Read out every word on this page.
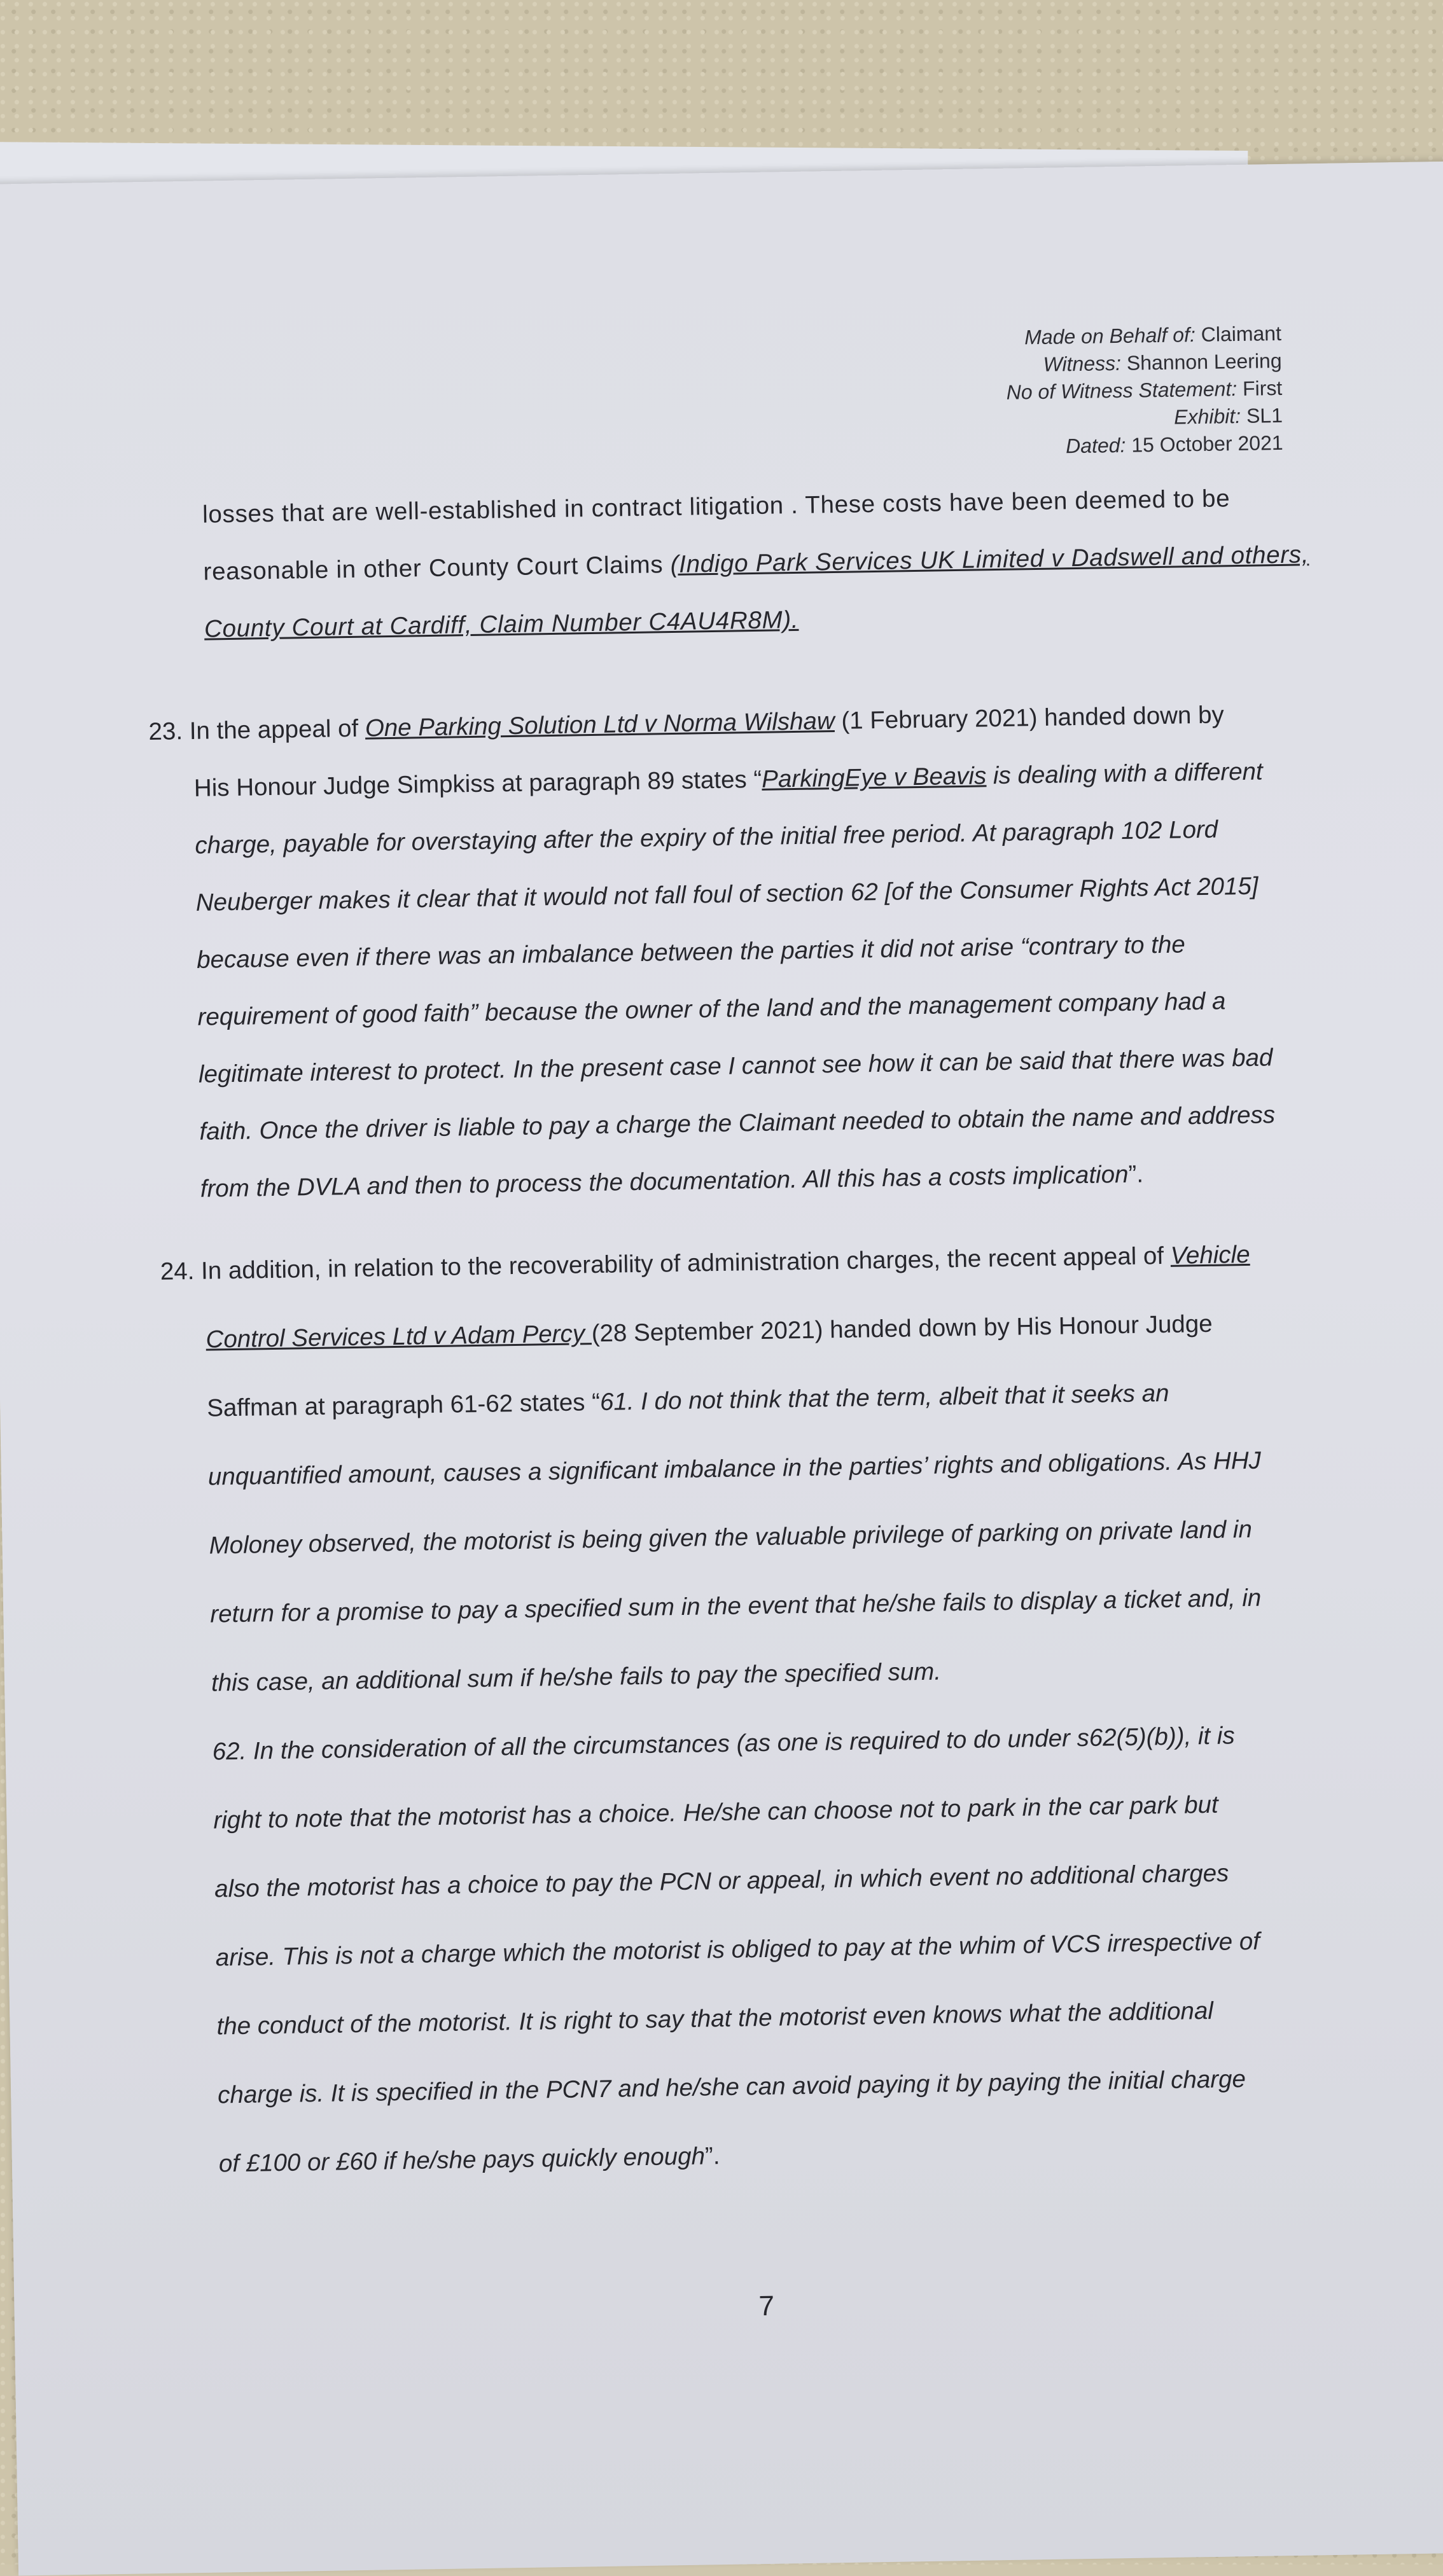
Made on Behalf of: Claimant
Witness: Shannon Leering
No of Witness Statement: First
Exhibit: SL1
Dated: 15 October 2021
losses that are well-established in contract litigation . These costs have been deemed to be
reasonable in other County Court Claims (Indigo Park Services UK Limited v Dadswell and others,
County Court at Cardiff, Claim Number C4AU4R8M).
23. In the appeal of One Parking Solution Ltd v Norma Wilshaw (1 February 2021) handed down by
His Honour Judge Simpkiss at paragraph 89 states “ParkingEye v Beavis is dealing with a different
charge, payable for overstaying after the expiry of the initial free period. At paragraph 102 Lord
Neuberger makes it clear that it would not fall foul of section 62 [of the Consumer Rights Act 2015]
because even if there was an imbalance between the parties it did not arise “contrary to the
requirement of good faith” because the owner of the land and the management company had a
legitimate interest to protect. In the present case I cannot see how it can be said that there was bad
faith. Once the driver is liable to pay a charge the Claimant needed to obtain the name and address
from the DVLA and then to process the documentation. All this has a costs implication”.
24. In addition, in relation to the recoverability of administration charges, the recent appeal of Vehicle
Control Services Ltd v Adam Percy (28 September 2021) handed down by His Honour Judge
Saffman at paragraph 61-62 states “61. I do not think that the term, albeit that it seeks an
unquantified amount, causes a significant imbalance in the parties’ rights and obligations. As HHJ
Moloney observed, the motorist is being given the valuable privilege of parking on private land in
return for a promise to pay a specified sum in the event that he/she fails to display a ticket and, in
this case, an additional sum if he/she fails to pay the specified sum.
62. In the consideration of all the circumstances (as one is required to do under s62(5)(b)), it is
right to note that the motorist has a choice. He/she can choose not to park in the car park but
also the motorist has a choice to pay the PCN or appeal, in which event no additional charges
arise. This is not a charge which the motorist is obliged to pay at the whim of VCS irrespective of
the conduct of the motorist. It is right to say that the motorist even knows what the additional
charge is. It is specified in the PCN7 and he/she can avoid paying it by paying the initial charge
of £100 or £60 if he/she pays quickly enough”.
7
